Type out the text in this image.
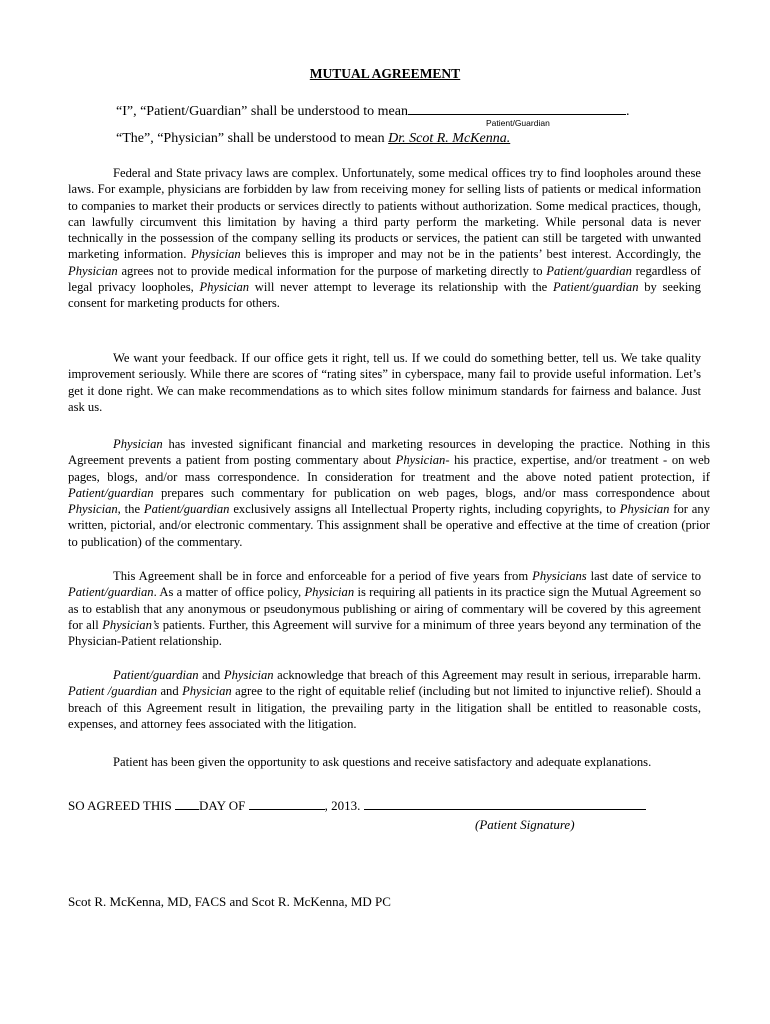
MUTUAL AGREEMENT
“I”, “Patient/Guardian” shall be understood to mean	.
Patient/Guardian
“The”, “Physician” shall be understood to mean Dr. Scot R. McKenna.

Federal and State privacy laws are complex. Unfortunately, some medical offices try to find loopholes around these laws. For example, physicians are forbidden by law from receiving money for selling lists of patients or medical information to companies to market their products or services directly to patients without authorization. Some medical practices, though, can lawfully circumvent this limitation by having a third party perform the marketing. While personal data is never technically in the possession of the company selling its products or services, the patient can still be targeted with unwanted marketing information. Physician believes this is improper and may not be in the patients’ best interest. Accordingly, the Physician agrees not to provide medical information for the purpose of marketing directly to Patient/guardian regardless of legal privacy loopholes, Physician will never attempt to leverage its relationship with the Patient/guardian by seeking consent for marketing products for others.

We want your feedback. If our office gets it right, tell us. If we could do something better, tell us. We take quality improvement seriously. While there are scores of “rating sites” in cyberspace, many fail to provide useful information. Let’s get it done right. We can make recommendations as to which sites follow minimum standards for fairness and balance. Just ask us.

Physician has invested significant financial and marketing resources in developing the practice. Nothing in this Agreement prevents a patient from posting commentary about Physician- his practice, expertise, and/or treatment - on web pages, blogs, and/or mass correspondence. In consideration for treatment and the above noted patient protection, if Patient/guardian prepares such commentary for publication on web pages, blogs, and/or mass correspondence about Physician, the Patient/guardian exclusively assigns all Intellectual Property rights, including copyrights, to Physician for any written, pictorial, and/or electronic commentary. This assignment shall be operative and effective at the time of creation (prior to publication) of the commentary.

This Agreement shall be in force and enforceable for a period of five years from Physicians last date of service to Patient/guardian. As a matter of office policy, Physician is requiring all patients in its practice sign the Mutual Agreement so as to establish that any anonymous or pseudonymous publishing or airing of commentary will be covered by this agreement for all Physician’s patients. Further, this Agreement will survive for a minimum of three years beyond any termination of the Physician-Patient relationship.

Patient/guardian and Physician acknowledge that breach of this Agreement may result in serious, irreparable harm. Patient /guardian and Physician agree to the right of equitable relief (including but not limited to injunctive relief). Should a breach of this Agreement result in litigation, the prevailing party in the litigation shall be entitled to reasonable costs, expenses, and attorney fees associated with the litigation.

Patient has been given the opportunity to ask questions and receive satisfactory and adequate explanations.

SO AGREED THIS DAY OF	, 2013.
(Patient Signature)
Scot R. McKenna, MD, FACS and Scot R. McKenna, MD PC
